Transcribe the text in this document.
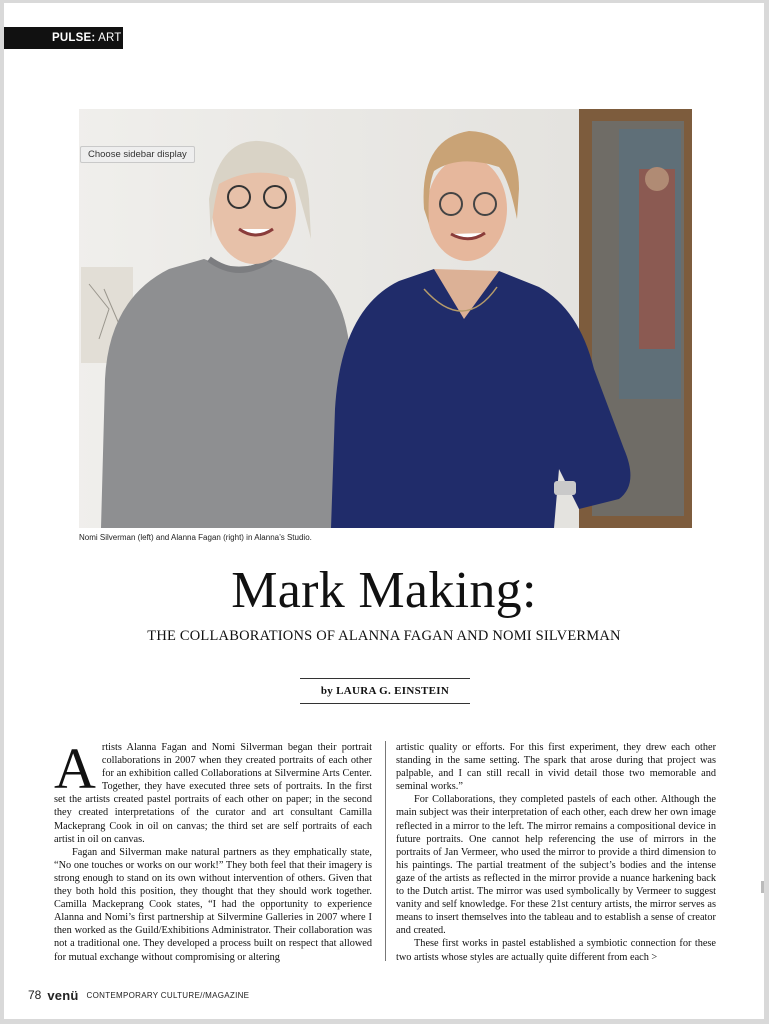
PULSE: ART
Choose sidebar display
Nomi Silverman (left) and Alanna Fagan (right) in Alanna’s Studio.
Mark Making:
THE COLLABORATIONS OF ALANNA FAGAN AND NOMI SILVERMAN
by LAURA G. EINSTEIN

Artists Alanna Fagan and Nomi Silverman began their portrait collaborations in 2007 when they created portraits of each other for an exhibition called Collaborations at Silvermine Arts Center. Together, they have executed three sets of portraits. In the first set the artists created pastel portraits of each other on paper; in the second they created interpretations of the curator and art consultant Camilla Mackeprang Cook in oil on canvas; the third set are self portraits of each artist in oil on canvas.

Fagan and Silverman make natural partners as they emphatically state, “No one touches or works on our work!” They both feel that their imagery is strong enough to stand on its own without intervention of others. Given that they both hold this position, they thought that they should work together. Camilla Mackeprang Cook states, “I had the opportunity to experience Alanna and Nomi’s first partnership at Silvermine Galleries in 2007 where I then worked as the Guild/Exhibitions Administrator. Their collaboration was not a traditional one. They developed a process built on respect that allowed for mutual exchange without compromising or altering

artistic quality or efforts. For this first experiment, they drew each other standing in the same setting. The spark that arose during that project was palpable, and I can still recall in vivid detail those two memorable and seminal works.”

For Collaborations, they completed pastels of each other. Although the main subject was their interpretation of each other, each drew her own image reflected in a mirror to the left. The mirror remains a compositional device in future portraits. One cannot help referencing the use of mirrors in the portraits of Jan Vermeer, who used the mirror to provide a third dimension to his paintings. The partial treatment of the subject’s bodies and the intense gaze of the artists as reflected in the mirror provide a nuance harkening back to the Dutch artist. The mirror was used symbolically by Vermeer to suggest vanity and self knowledge. For these 21st century artists, the mirror serves as means to insert themselves into the tableau and to establish a sense of creator and created.

These first works in pastel established a symbiotic connection for these two artists whose styles are actually quite different from each >

78 venü CONTEMPORARY CULTURE//MAGAZINE
